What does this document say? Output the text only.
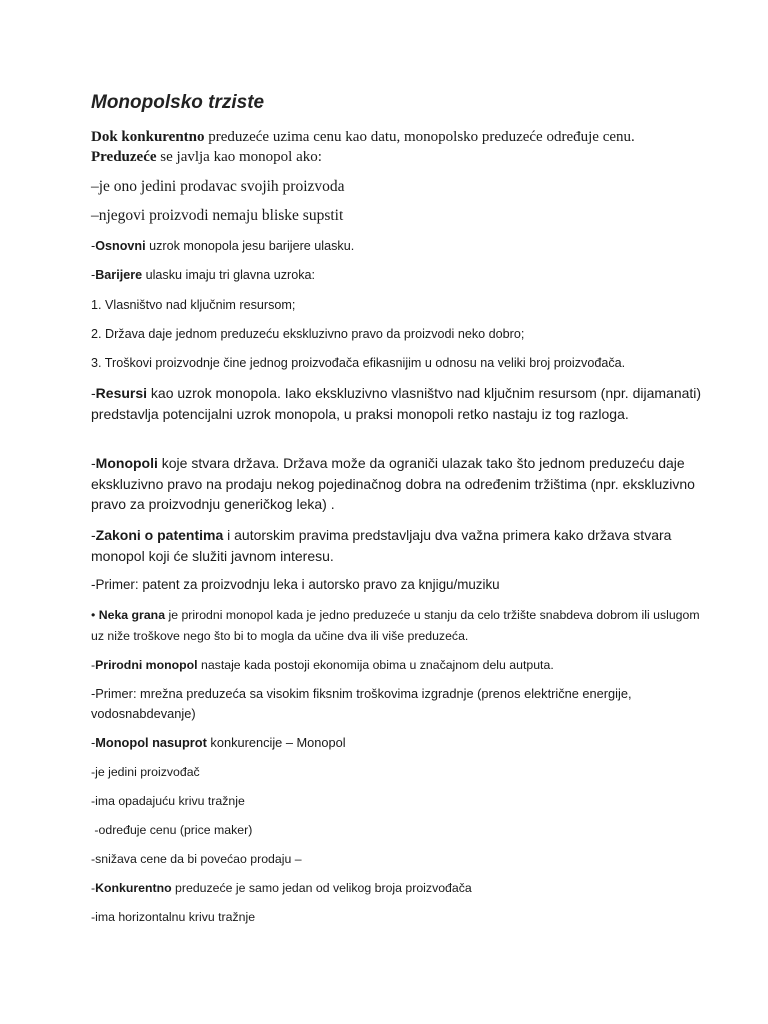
Monopolsko trziste

Dok konkurentno preduzeće uzima cenu kao datu, monopolsko preduzeće određuje cenu.
Preduzeće se javlja kao monopol ako:

–je ono jedini prodavac svojih proizvoda

–njegovi proizvodi nemaju bliske supstit

-Osnovni uzrok monopola jesu barijere ulasku.

-Barijere ulasku imaju tri glavna uzroka:

1. Vlasništvo nad ključnim resursom;

2. Država daje jednom preduzeću ekskluzivno pravo da proizvodi neko dobro;

3. Troškovi proizvodnje čine jednog proizvođača efikasnijim u odnosu na veliki broj proizvođača.

-Resursi kao uzrok monopola. Iako ekskluzivno vlasništvo nad ključnim resursom (npr. dijamanati) predstavlja potencijalni uzrok monopola, u praksi monopoli retko nastaju iz tog razloga.

-Monopoli koje stvara država. Država može da ograniči ulazak tako što jednom preduzeću daje ekskluzivno pravo na prodaju nekog pojedinačnog dobra na određenim tržištima (npr. ekskluzivno pravo za proizvodnju generičkog leka) .

-Zakoni o patentima i autorskim pravima predstavljaju dva važna primera kako država stvara monopol koji će služiti javnom interesu.

-Primer: patent za proizvodnju leka i autorsko pravo za knjigu/muziku

• Neka grana je prirodni monopol kada je jedno preduzeće u stanju da celo tržište snabdeva dobrom ili uslugom uz niže troškove nego što bi to mogla da učine dva ili više preduzeća.

-Prirodni monopol nastaje kada postoji ekonomija obima u značajnom delu autputa.

-Primer: mrežna preduzeća sa visokim fiksnim troškovima izgradnje (prenos električne energije, vodosnabdevanje)

-Monopol nasuprot konkurencije – Monopol

-je jedini proizvođač

-ima opadajuću krivu tražnje

-određuje cenu (price maker)

-snižava cene da bi povećao prodaju –

-Konkurentno preduzeće je samo jedan od velikog broja proizvođača

-ima horizontalnu krivu tražnje
